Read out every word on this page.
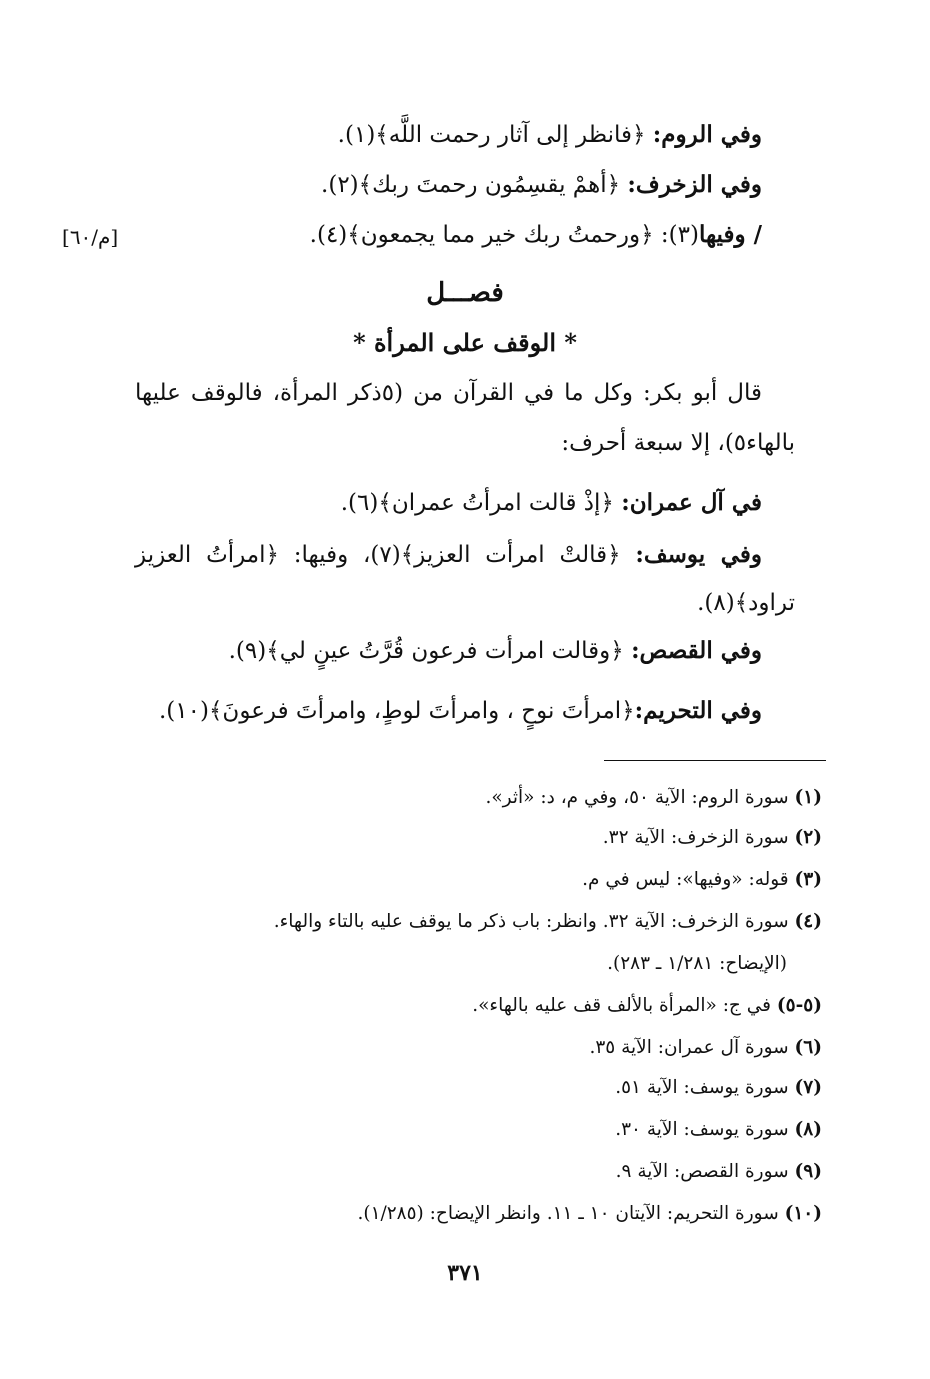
[م/٦٠]
وفي الروم: ﴿فانظر إلى آثار رحمت اللَّه﴾(١).
وفي الزخرف: ﴿أهمْ يقسِمُون رحمتَ ربك﴾(٢).
/ وفيها(٣): ﴿ورحمتُ ربك خير مما يجمعون﴾(٤).
فصـــل
* الوقف على المرأة *
قال أبو بكر: وكل ما في القرآن من (٥ذكر المرأة، فالوقف عليها
بالهاء٥)، إلا سبعة أحرف:
في آل عمران: ﴿إذْ قالت امرأتُ عمران﴾(٦).
وفي يوسف: ﴿قالتْ امرأت العزيز﴾(٧)، وفيها: ﴿امرأتُ العزيز
تراود﴾(٨).
وفي القصص: ﴿وقالت امرأت فرعون قُرَّتُ عينٍ لي﴾(٩).
وفي التحريم:﴿امرأتَ نوحٍ ، وامرأتَ لوطٍ، وامرأتَ فرعونَ﴾(١٠).
(١) سورة الروم: الآية ٥٠، وفي م، د: «أثر».
(٢) سورة الزخرف: الآية ٣٢.
(٣) قوله: «وفيها»: ليس في م.
(٤) سورة الزخرف: الآية ٣٢. وانظر: باب ذكر ما يوقف عليه بالتاء والهاء.
(الإيضاح: ١/٢٨١ ـ ٢٨٣).
(٥-٥) في ج: «المرأة بالألف قف عليه بالهاء».
(٦) سورة آل عمران: الآية ٣٥.
(٧) سورة يوسف: الآية ٥١.
(٨) سورة يوسف: الآية ٣٠.
(٩) سورة القصص: الآية ٩.
(١٠) سورة التحريم: الآيتان ١٠ ـ ١١. وانظر الإيضاح: (١/٢٨٥).
٣٧١
